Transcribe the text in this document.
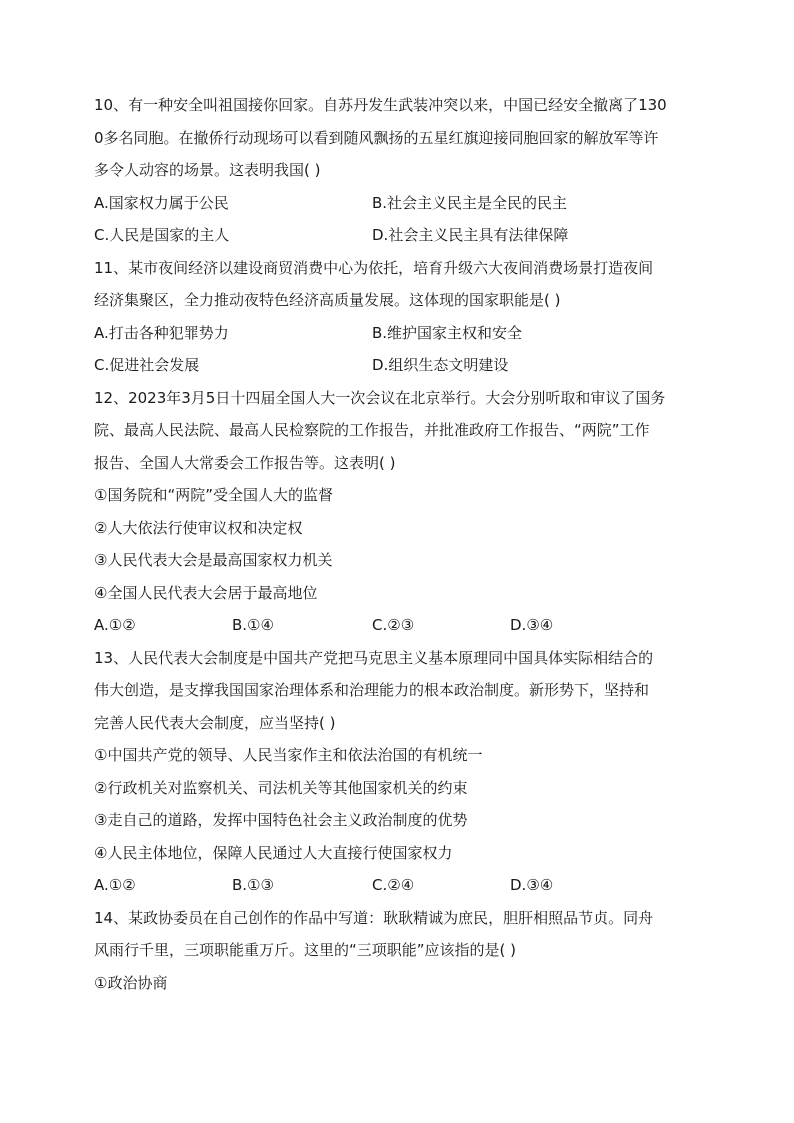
10、有一种安全叫祖国接你回家。自苏丹发生武装冲突以来，中国已经安全撤离了130
0多名同胞。在撤侨行动现场可以看到随风飘扬的五星红旗迎接同胞回家的解放军等许
多令人动容的场景。这表明我国( )
A.国家权力属于公民	B.社会主义民主是全民的民主
C.人民是国家的主人	D.社会主义民主具有法律保障
11、某市夜间经济以建设商贸消费中心为依托，培育升级六大夜间消费场景打造夜间
经济集聚区，全力推动夜特色经济高质量发展。这体现的国家职能是( )
A.打击各种犯罪势力	B.维护国家主权和安全
C.促进社会发展	D.组织生态文明建设
12、2023年3月5日十四届全国人大一次会议在北京举行。大会分别听取和审议了国务
院、最高人民法院、最高人民检察院的工作报告，并批准政府工作报告、“两院”工作
报告、全国人大常委会工作报告等。这表明( )
①国务院和“两院”受全国人大的监督
②人大依法行使审议权和决定权
③人民代表大会是最高国家权力机关
④全国人民代表大会居于最高地位
A.①②	B.①④	C.②③	D.③④
13、人民代表大会制度是中国共产党把马克思主义基本原理同中国具体实际相结合的
伟大创造，是支撑我国国家治理体系和治理能力的根本政治制度。新形势下，坚持和
完善人民代表大会制度，应当坚持( )
①中国共产党的领导、人民当家作主和依法治国的有机统一
②行政机关对监察机关、司法机关等其他国家机关的约束
③走自己的道路，发挥中国特色社会主义政治制度的优势
④人民主体地位，保障人民通过人大直接行使国家权力
A.①②	B.①③	C.②④	D.③④
14、某政协委员在自己创作的作品中写道：耿耿精诚为庶民，胆肝相照品节贞。同舟
风雨行千里，三项职能重万斤。这里的“三项职能”应该指的是( )
①政治协商
